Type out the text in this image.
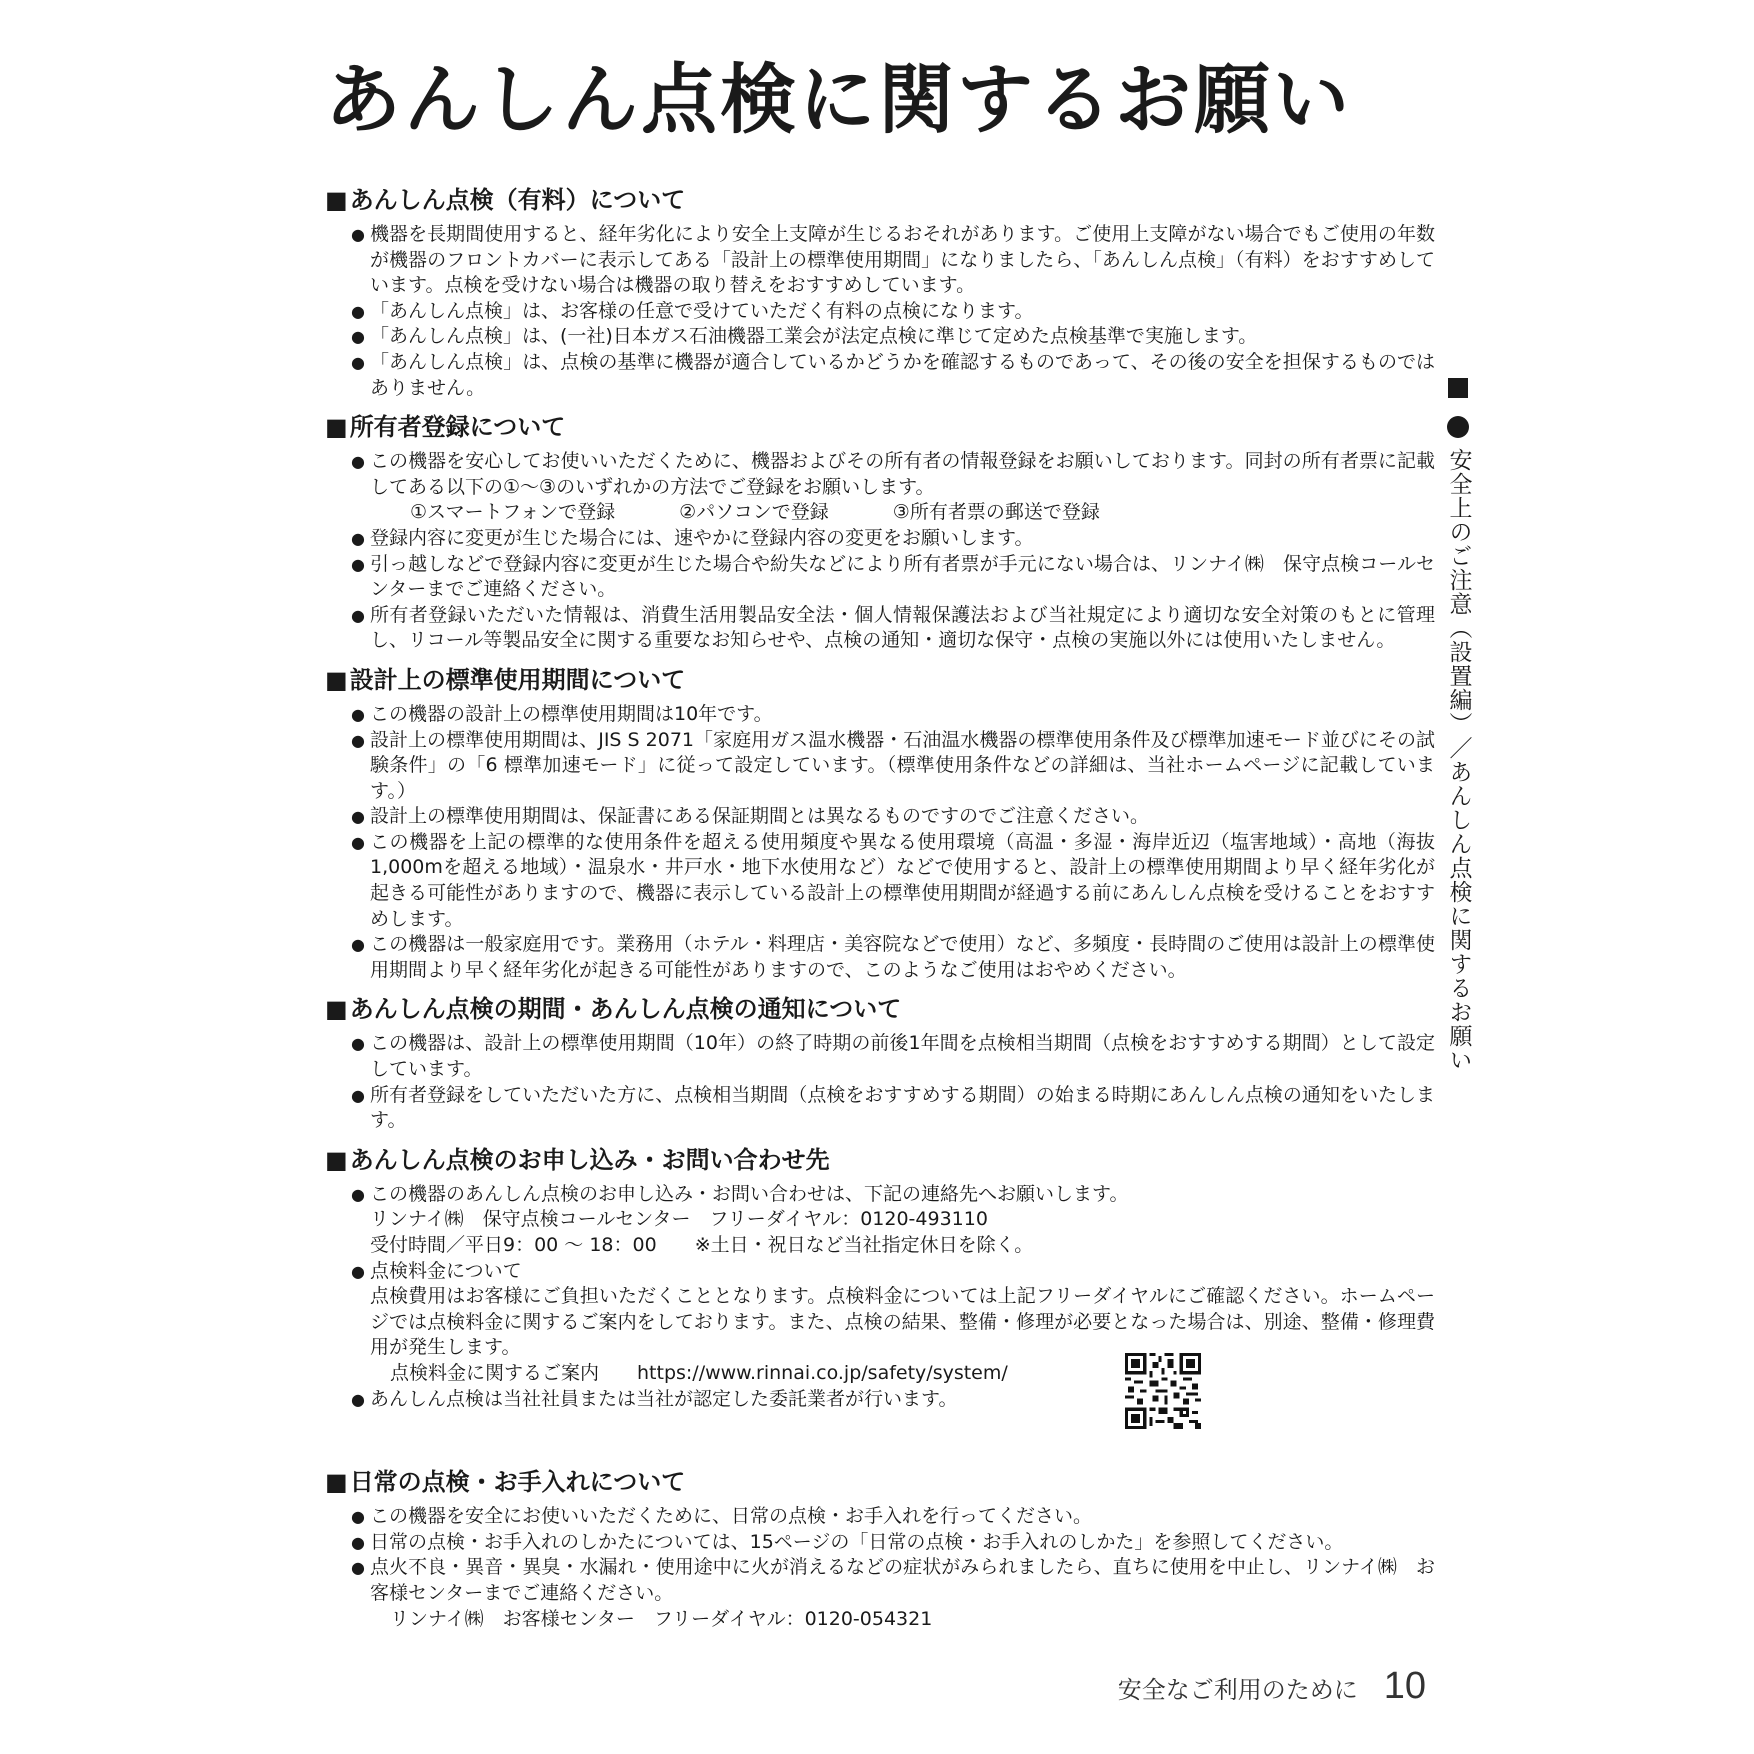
あんしん点検に関するお願い
■あんしん点検（有料）について
● 機器を長期間使用すると、経年劣化により安全上支障が生じるおそれがあります。ご使用上支障がない場合でもご使用の年数が機器のフロントカバーに表示してある「設計上の標準使用期間」になりましたら、「あんしん点検」（有料）をおすすめしています。点検を受けない場合は機器の取り替えをおすすめしています。
● 「あんしん点検」は、お客様の任意で受けていただく有料の点検になります。
● 「あんしん点検」は、(一社)日本ガス石油機器工業会が法定点検に準じて定めた点検基準で実施します。
● 「あんしん点検」は、点検の基準に機器が適合しているかどうかを確認するものであって、その後の安全を担保するものではありません。
■所有者登録について
● この機器を安心してお使いいただくために、機器およびその所有者の情報登録をお願いしております。同封の所有者票に記載してある以下の①～③のいずれかの方法でご登録をお願いします。
①スマートフォンで登録	②パソコンで登録	③所有者票の郵送で登録
● 登録内容に変更が生じた場合には、速やかに登録内容の変更をお願いします。
● 引っ越しなどで登録内容に変更が生じた場合や紛失などにより所有者票が手元にない場合は、リンナイ㈱　保守点検コールセンターまでご連絡ください。
● 所有者登録いただいた情報は、消費生活用製品安全法・個人情報保護法および当社規定により適切な安全対策のもとに管理し、リコール等製品安全に関する重要なお知らせや、点検の通知・適切な保守・点検の実施以外には使用いたしません。
■設計上の標準使用期間について
● この機器の設計上の標準使用期間は10年です。
● 設計上の標準使用期間は、JIS S 2071「家庭用ガス温水機器・石油温水機器の標準使用条件及び標準加速モード並びにその試験条件」の「6 標準加速モード」に従って設定しています。（標準使用条件などの詳細は、当社ホームページに記載しています。）
● 設計上の標準使用期間は、保証書にある保証期間とは異なるものですのでご注意ください。
● この機器を上記の標準的な使用条件を超える使用頻度や異なる使用環境（高温・多湿・海岸近辺（塩害地域）・高地（海抜1,000mを超える地域）・温泉水・井戸水・地下水使用など）などで使用すると、設計上の標準使用期間より早く経年劣化が起きる可能性がありますので、機器に表示している設計上の標準使用期間が経過する前にあんしん点検を受けることをおすすめします。
● この機器は一般家庭用です。業務用（ホテル・料理店・美容院などで使用）など、多頻度・長時間のご使用は設計上の標準使用期間より早く経年劣化が起きる可能性がありますので、このようなご使用はおやめください。
■あんしん点検の期間・あんしん点検の通知について
● この機器は、設計上の標準使用期間（10年）の終了時期の前後1年間を点検相当期間（点検をおすすめする期間）として設定しています。
● 所有者登録をしていただいた方に、点検相当期間（点検をおすすめする期間）の始まる時期にあんしん点検の通知をいたします。
■あんしん点検のお申し込み・お問い合わせ先
● この機器のあんしん点検のお申し込み・お問い合わせは、下記の連絡先へお願いします。
リンナイ㈱　保守点検コールセンター　フリーダイヤル：0120-493110
受付時間／平日9：00 ～ 18：00　　※土日・祝日など当社指定休日を除く。
● 点検料金について
点検費用はお客様にご負担いただくこととなります。点検料金については上記フリーダイヤルにご確認ください。ホームページでは点検料金に関するご案内をしております。また、点検の結果、整備・修理が必要となった場合は、別途、整備・修理費用が発生します。
点検料金に関するご案内　　https://www.rinnai.co.jp/safety/system/
● あんしん点検は当社社員または当社が認定した委託業者が行います。
■日常の点検・お手入れについて
● この機器を安全にお使いいただくために、日常の点検・お手入れを行ってください。
● 日常の点検・お手入れのしかたについては、15ページの「日常の点検・お手入れのしかた」を参照してください。
● 点火不良・異音・異臭・水漏れ・使用途中に火が消えるなどの症状がみられましたら、直ちに使用を中止し、リンナイ㈱　お客様センターまでご連絡ください。
リンナイ㈱　お客様センター　フリーダイヤル：0120-054321
安全上のご注意（設置編）／あんしん点検に関するお願い
安全なご利用のために 10
